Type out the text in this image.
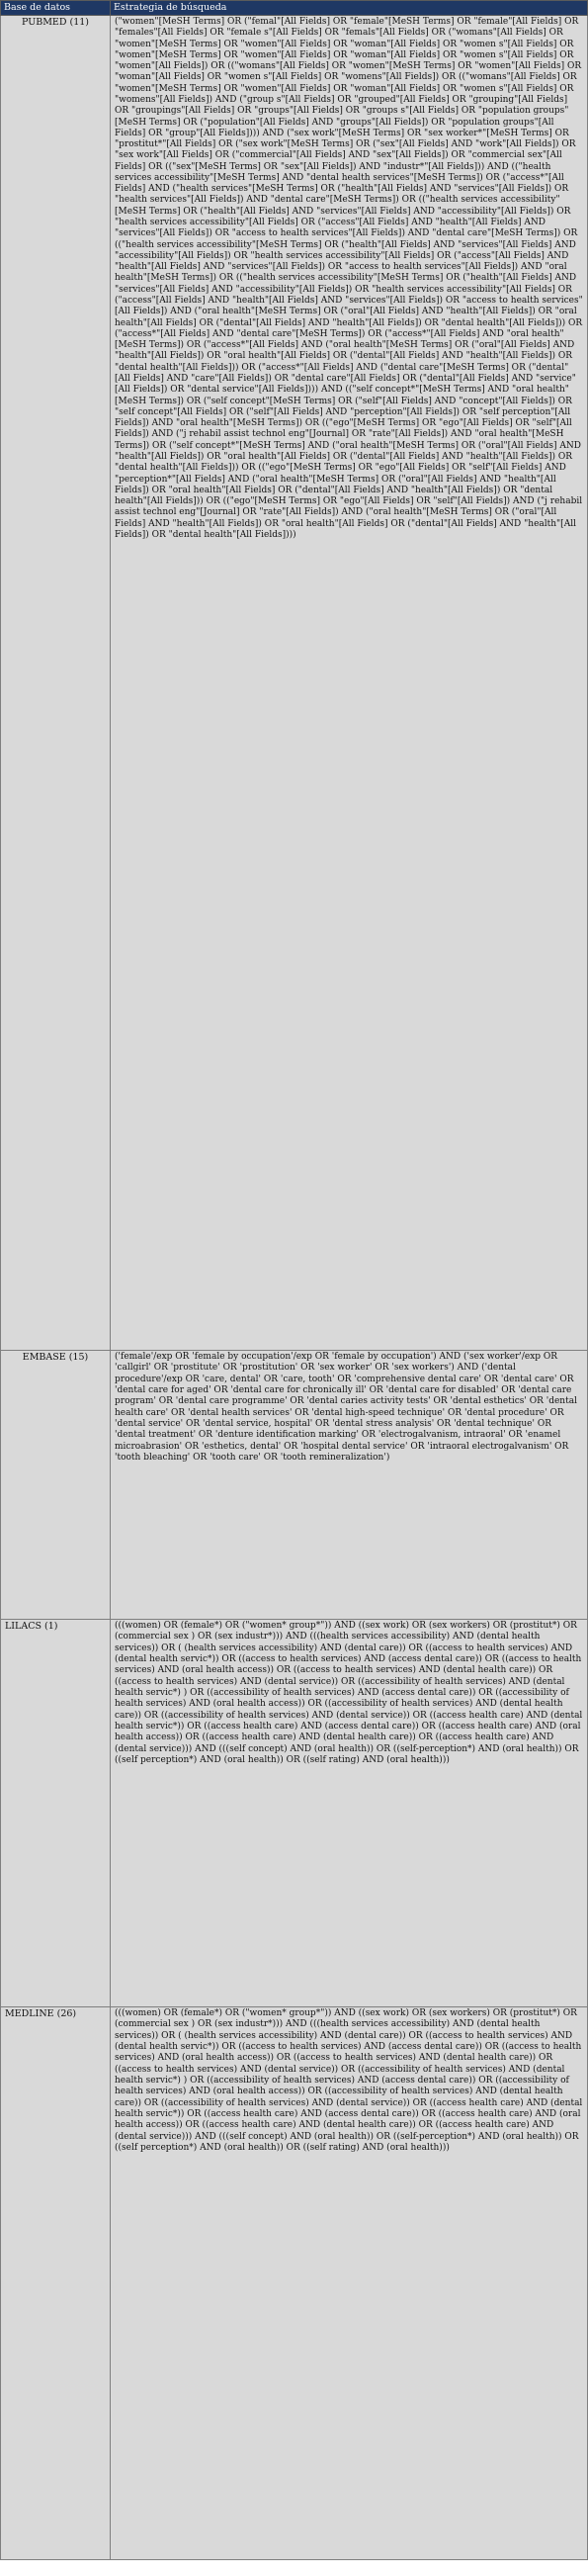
Base de datos	Estrategia de búsqueda
PUBMED (11)	("women"[MeSH Terms] OR ("femal"[All Fields] OR "female"[MeSH Terms] OR "female"[All Fields] OR "females"[All Fields] OR "female s"[All Fields] OR "femals"[All Fields] OR ("womans"[All Fields] OR "women"[MeSH Terms] OR "women"[All Fields] OR "woman"[All Fields] OR "women s"[All Fields] OR "women"[MeSH Terms] OR "women"[All Fields] OR "woman"[All Fields] OR "women s"[All Fields] OR "women"[All Fields]) OR (("womans"[All Fields] OR "women"[MeSH Terms] OR "women"[All Fields] OR "woman"[All Fields] OR "women s"[All Fields] OR "womens"[All Fields]) OR (("womans"[All Fields] OR "women"[MeSH Terms] OR "women"[All Fields] OR "woman"[All Fields] OR "women s"[All Fields] OR "womens"[All Fields]) AND ("group s"[All Fields] OR "grouped"[All Fields] OR "grouping"[All Fields] OR "groupings"[All Fields] OR "groups"[All Fields] OR "groups s"[All Fields] OR "population groups"[MeSH Terms] OR ("population"[All Fields] AND "groups"[All Fields]) OR "population groups"[All Fields] OR "group"[All Fields]))) AND ("sex work"[MeSH Terms] OR "sex worker*"[MeSH Terms] OR "prostitut*"[All Fields] OR ("sex work"[MeSH Terms] OR ("sex"[All Fields] AND "work"[All Fields]) OR "sex work"[All Fields] OR ("commercial"[All Fields] AND "sex"[All Fields]) OR "commercial sex"[All Fields] OR (("sex"[MeSH Terms] OR "sex"[All Fields]) AND "industr*"[All Fields])) AND (("health services accessibility"[MeSH Terms] AND "dental health services"[MeSH Terms]) OR ("access*"[All Fields] AND ("health services"[MeSH Terms] OR ("health"[All Fields] AND "services"[All Fields]) OR "health services"[All Fields]) AND "dental care"[MeSH Terms]) OR (("health services accessibility"[MeSH Terms] OR ("health"[All Fields] AND "services"[All Fields] AND "accessibility"[All Fields]) OR "health services accessibility"[All Fields] OR ("access"[All Fields] AND "health"[All Fields] AND "services"[All Fields]) OR "access to health services"[All Fields]) AND "dental care"[MeSH Terms]) OR (("health services accessibility"[MeSH Terms] OR ("health"[All Fields] AND "services"[All Fields] AND "accessibility"[All Fields]) OR "health services accessibility"[All Fields] OR ("access"[All Fields] AND "health"[All Fields] AND "services"[All Fields]) OR "access to health services"[All Fields]) AND "oral health"[MeSH Terms]) OR (("health services accessibility"[MeSH Terms] OR ("health"[All Fields] AND "services"[All Fields] AND "accessibility"[All Fields]) OR "health services accessibility"[All Fields] OR ("access"[All Fields] AND "health"[All Fields] AND "services"[All Fields]) OR "access to health services"[All Fields]) AND ("oral health"[MeSH Terms] OR ("oral"[All Fields] AND "health"[All Fields]) OR "oral health"[All Fields] OR ("dental"[All Fields] AND "health"[All Fields]) OR "dental health"[All Fields])) OR ("access*"[All Fields] AND "dental care"[MeSH Terms]) OR ("access*"[All Fields] AND "oral health"[MeSH Terms]) OR ("access*"[All Fields] AND ("oral health"[MeSH Terms] OR ("oral"[All Fields] AND "health"[All Fields]) OR "oral health"[All Fields] OR ("dental"[All Fields] AND "health"[All Fields]) OR "dental health"[All Fields])) OR ("access*"[All Fields] AND ("dental care"[MeSH Terms] OR ("dental"[All Fields] AND "care"[All Fields]) OR "dental care"[All Fields] OR ("dental"[All Fields] AND "service"[All Fields]) OR "dental service"[All Fields]))) AND (("self concept*"[MeSH Terms] AND "oral health"[MeSH Terms]) OR ("self concept"[MeSH Terms] OR ("self"[All Fields] AND "concept"[All Fields]) OR "self concept"[All Fields] OR ("self"[All Fields] AND "perception"[All Fields]) OR "self perception"[All Fields]) AND "oral health"[MeSH Terms]) OR (("ego"[MeSH Terms] OR "ego"[All Fields] OR "self"[All Fields]) AND ("j rehabil assist technol eng"[Journal] OR "rate"[All Fields]) AND "oral health"[MeSH Terms]) OR ("self concept*"[MeSH Terms] AND ("oral health"[MeSH Terms] OR ("oral"[All Fields] AND "health"[All Fields]) OR "oral health"[All Fields] OR ("dental"[All Fields] AND "health"[All Fields]) OR "dental health"[All Fields])) OR (("ego"[MeSH Terms] OR "ego"[All Fields] OR "self"[All Fields] AND "perception*"[All Fields] AND ("oral health"[MeSH Terms] OR ("oral"[All Fields] AND "health"[All Fields]) OR "oral health"[All Fields] OR ("dental"[All Fields] AND "health"[All Fields]) OR "dental health"[All Fields])) OR (("ego"[MeSH Terms] OR "ego"[All Fields] OR "self"[All Fields]) AND ("j rehabil assist technol eng"[Journal] OR "rate"[All Fields]) AND ("oral health"[MeSH Terms] OR ("oral"[All Fields] AND "health"[All Fields]) OR "oral health"[All Fields] OR ("dental"[All Fields] AND "health"[All Fields]) OR "dental health"[All Fields])))
EMBASE (15)	('female'/exp OR 'female by occupation'/exp OR 'female by occupation') AND ('sex worker'/exp OR 'callgirl' OR 'prostitute' OR 'prostitution' OR 'sex worker' OR 'sex workers') AND ('dental procedure'/exp OR 'care, dental' OR 'care, tooth' OR 'comprehensive dental care' OR 'dental care' OR 'dental care for aged' OR 'dental care for chronically ill' OR 'dental care for disabled' OR 'dental care program' OR 'dental care programme' OR 'dental caries activity tests' OR 'dental esthetics' OR 'dental health care' OR 'dental health services' OR 'dental high-speed technique' OR 'dental procedure' OR 'dental service' OR 'dental service, hospital' OR 'dental stress analysis' OR 'dental technique' OR 'dental treatment' OR 'denture identification marking' OR 'electrogalvanism, intraoral' OR 'enamel microabrasion' OR 'esthetics, dental' OR 'hospital dental service' OR 'intraoral electrogalvanism' OR 'tooth bleaching' OR 'tooth care' OR 'tooth remineralization')
LILACS (1)	(((women) OR (female*) OR ("women* group*")) AND ((sex work) OR (sex workers) OR (prostitut*) OR (commercial sex ) OR (sex industr*))) AND (((health services accessibility) AND (dental health services)) OR ( (health services accessibility) AND (dental care)) OR ((access to health services) AND (dental health servic*)) OR ((access to health services) AND (access dental care)) OR ((access to health services) AND (oral health access)) OR ((access to health services) AND (dental health care)) OR ((access to health services) AND (dental service)) OR ((accessibility of health services) AND (dental health servic*) ) OR ((accessibility of health services) AND (access dental care)) OR ((accessibility of health services) AND (oral health access)) OR ((accessibility of health services) AND (dental health care)) OR ((accessibility of health services) AND (dental service)) OR ((access health care) AND (dental health servic*)) OR ((access health care) AND (access dental care)) OR ((access health care) AND (oral health access)) OR ((access health care) AND (dental health care)) OR ((access health care) AND (dental service))) AND (((self concept) AND (oral health)) OR ((self-perception*) AND (oral health)) OR ((self perception*) AND (oral health)) OR ((self rating) AND (oral health)))
MEDLINE (26)	(((women) OR (female*) OR ("women* group*")) AND ((sex work) OR (sex workers) OR (prostitut*) OR (commercial sex ) OR (sex industr*))) AND (((health services accessibility) AND (dental health services)) OR ( (health services accessibility) AND (dental care)) OR ((access to health services) AND (dental health servic*)) OR ((access to health services) AND (access dental care)) OR ((access to health services) AND (oral health access)) OR ((access to health services) AND (dental health care)) OR ((access to health services) AND (dental service)) OR ((accessibility of health services) AND (dental health servic*) ) OR ((accessibility of health services) AND (access dental care)) OR ((accessibility of health services) AND (oral health access)) OR ((accessibility of health services) AND (dental health care)) OR ((accessibility of health services) AND (dental service)) OR ((access health care) AND (dental health servic*)) OR ((access health care) AND (access dental care)) OR ((access health care) AND (oral health access)) OR ((access health care) AND (dental health care)) OR ((access health care) AND (dental service))) AND (((self concept) AND (oral health)) OR ((self-perception*) AND (oral health)) OR ((self perception*) AND (oral health)) OR ((self rating) AND (oral health)))
